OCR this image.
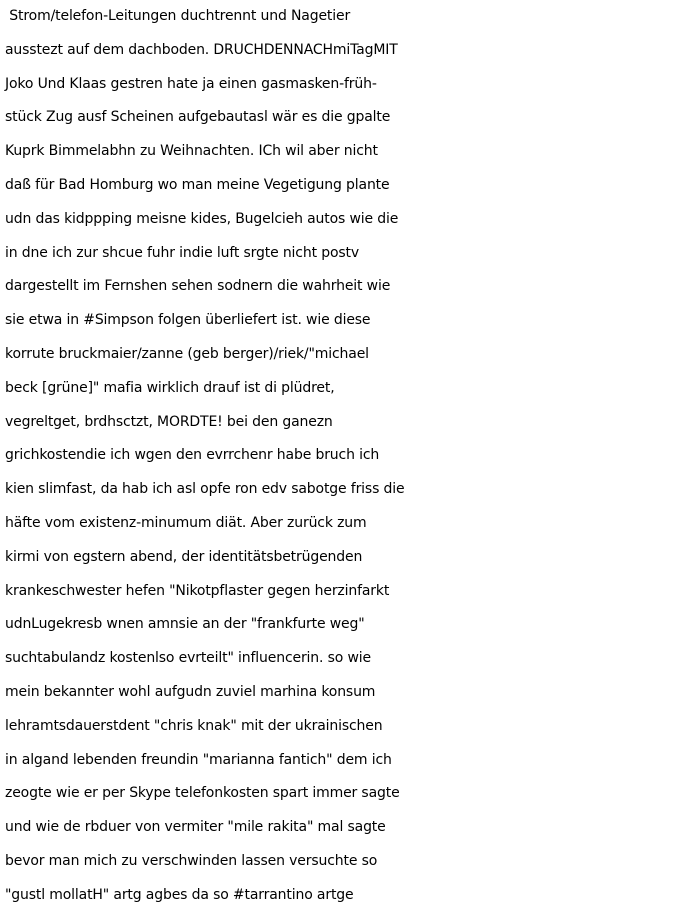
Strom/telefon-Leitungen duchtrennt und Nagetier
ausstezt auf dem dachboden. DRUCHDENNACHmiTagMIT
Joko Und Klaas gestren hate ja einen gasmasken-früh-
stück Zug ausf Scheinen aufgebautasl wär es die gpalte
Kuprk Bimmelabhn zu Weihnachten. ICh wil aber nicht
daß für Bad Homburg wo man meine Vegetigung plante
udn das kidppping meisne kides, Bugelcieh autos wie die
in dne ich zur shcue fuhr indie luft srgte nicht postv
dargestellt im Fernshen sehen sodnern die wahrheit wie
sie etwa in #Simpson folgen überliefert ist. wie diese
korrute bruckmaier/zanne (geb berger)/riek/"michael
beck [grüne]" mafia wirklich drauf ist di plüdret,
vegreltget, brdhsctzt, MORDTE! bei den ganezn
grichkostendie ich wgen den evrrchenr habe bruch ich
kien slimfast, da hab ich asl opfe ron edv sabotge friss die
häfte vom existenz-minumum diät. Aber zurück zum
kirmi von egstern abend, der identitätsbetrügenden
krankeschwester hefen "Nikotpflaster gegen herzinfarkt
udnLugekresb wnen amnsie an der "frankfurte weg"
suchtabulandz kostenlso evrteilt" influencerin. so wie
mein bekannter wohl aufgudn zuviel marhina konsum
lehramtsdauerstdent "chris knak" mit der ukrainischen
in algand lebenden freundin "marianna fantich" dem ich
zeogte wie er per Skype telefonkosten spart immer sagte
und wie de rbduer von vermiter "mile rakita" mal sagte
bevor man mich zu verschwinden lassen versuchte so
"gustl mollatH" artg agbes da so #tarrantino artge
